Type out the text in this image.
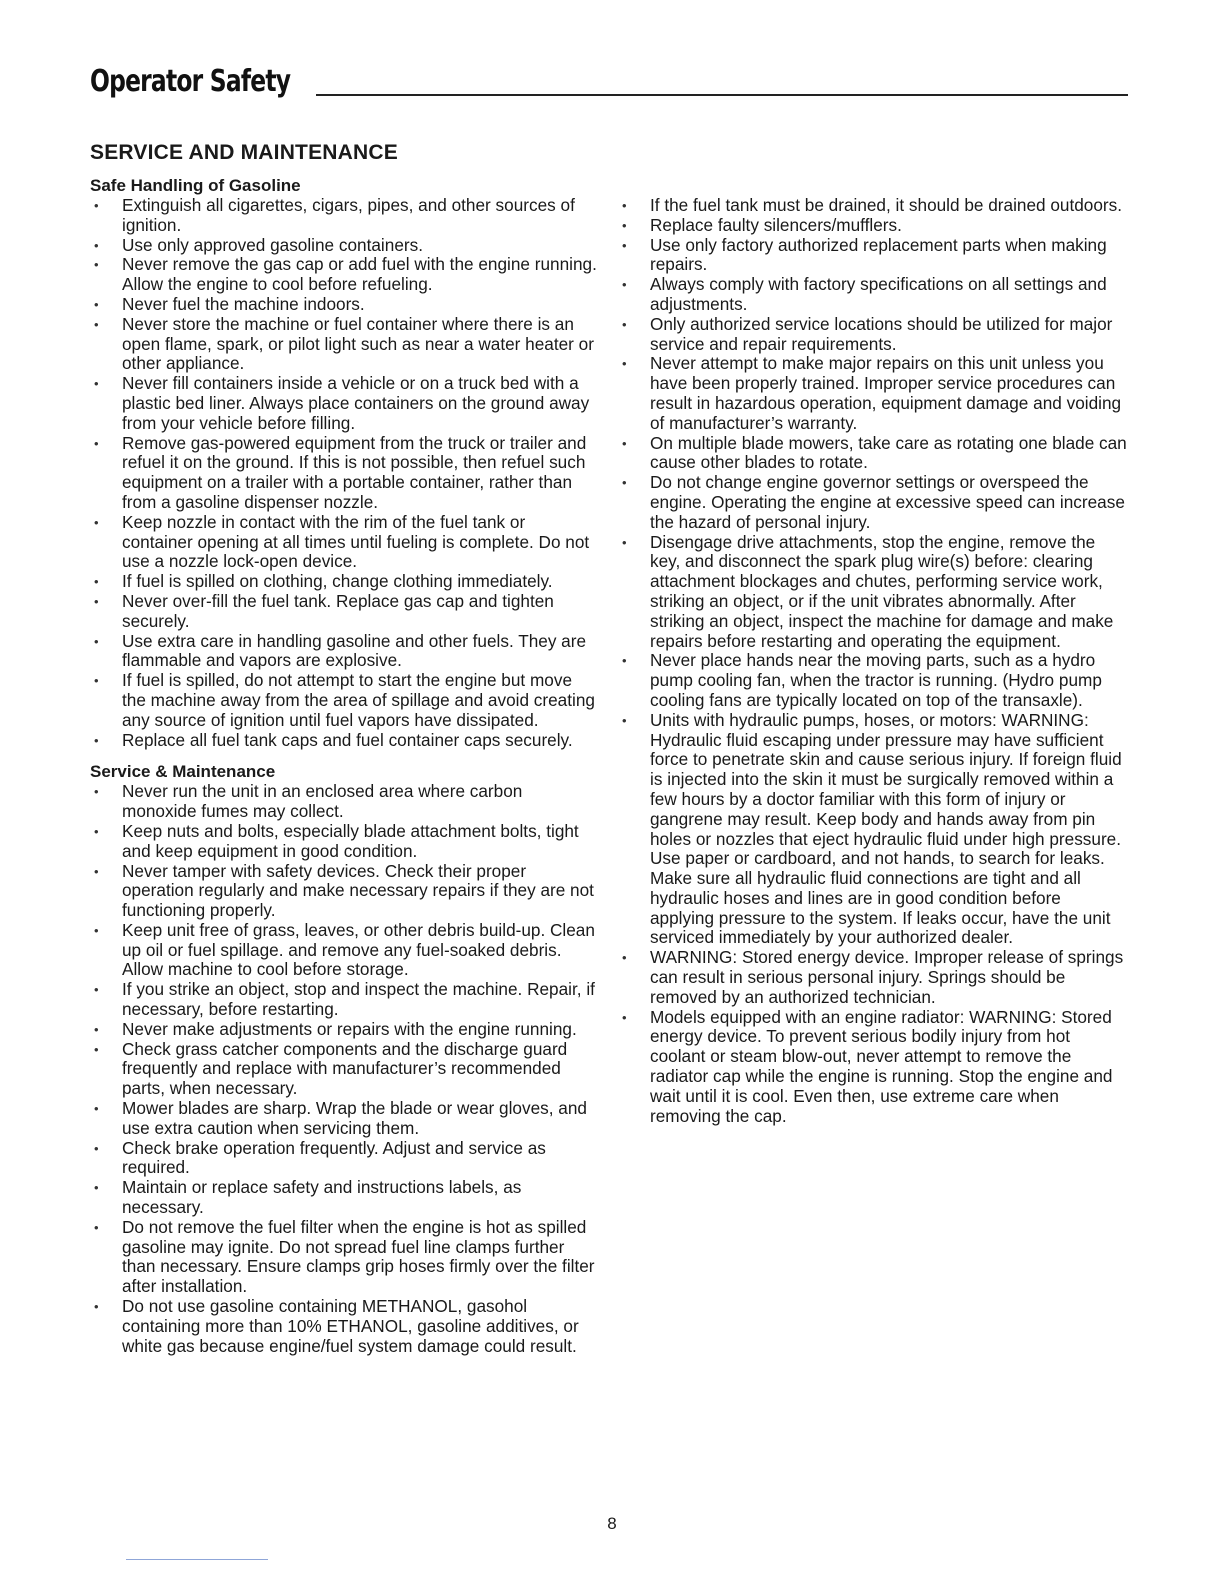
Operator Safety
SERVICE AND MAINTENANCE
Safe Handling of Gasoline
• Extinguish all cigarettes, cigars, pipes, and other sources of ignition.
• Use only approved gasoline containers.
• Never remove the gas cap or add fuel with the engine running. Allow the engine to cool before refueling.
• Never fuel the machine indoors.
• Never store the machine or fuel container where there is an open flame, spark, or pilot light such as near a water heater or other appliance.
• Never fill containers inside a vehicle or on a truck bed with a plastic bed liner. Always place containers on the ground away from your vehicle before filling.
• Remove gas-powered equipment from the truck or trailer and refuel it on the ground. If this is not possible, then refuel such equipment on a trailer with a portable container, rather than from a gasoline dispenser nozzle.
• Keep nozzle in contact with the rim of the fuel tank or container opening at all times until fueling is complete. Do not use a nozzle lock-open device.
• If fuel is spilled on clothing, change clothing immediately.
• Never over-fill the fuel tank. Replace gas cap and tighten securely.
• Use extra care in handling gasoline and other fuels. They are flammable and vapors are explosive.
• If fuel is spilled, do not attempt to start the engine but move the machine away from the area of spillage and avoid creating any source of ignition until fuel vapors have dissipated.
• Replace all fuel tank caps and fuel container caps securely.
Service & Maintenance
• Never run the unit in an enclosed area where carbon monoxide fumes may collect.
• Keep nuts and bolts, especially blade attachment bolts, tight and keep equipment in good condition.
• Never tamper with safety devices. Check their proper operation regularly and make necessary repairs if they are not functioning properly.
• Keep unit free of grass, leaves, or other debris build-up. Clean up oil or fuel spillage. and remove any fuel-soaked debris. Allow machine to cool before storage.
• If you strike an object, stop and inspect the machine. Repair, if necessary, before restarting.
• Never make adjustments or repairs with the engine running.
• Check grass catcher components and the discharge guard frequently and replace with manufacturer’s recommended parts, when necessary.
• Mower blades are sharp. Wrap the blade or wear gloves, and use extra caution when servicing them.
• Check brake operation frequently. Adjust and service as required.
• Maintain or replace safety and instructions labels, as necessary.
• Do not remove the fuel filter when the engine is hot as spilled gasoline may ignite. Do not spread fuel line clamps further than necessary. Ensure clamps grip hoses firmly over the filter after installation.
• Do not use gasoline containing METHANOL, gasohol containing more than 10% ETHANOL, gasoline additives, or white gas because engine/fuel system damage could result.
• If the fuel tank must be drained, it should be drained outdoors.
• Replace faulty silencers/mufflers.
• Use only factory authorized replacement parts when making repairs.
• Always comply with factory specifications on all settings and adjustments.
• Only authorized service locations should be utilized for major service and repair requirements.
• Never attempt to make major repairs on this unit unless you have been properly trained. Improper service procedures can result in hazardous operation, equipment damage and voiding of manufacturer’s warranty.
• On multiple blade mowers, take care as rotating one blade can cause other blades to rotate.
• Do not change engine governor settings or overspeed the engine. Operating the engine at excessive speed can increase the hazard of personal injury.
• Disengage drive attachments, stop the engine, remove the key, and disconnect the spark plug wire(s) before: clearing attachment blockages and chutes, performing service work, striking an object, or if the unit vibrates abnormally. After striking an object, inspect the machine for damage and make repairs before restarting and operating the equipment.
• Never place hands near the moving parts, such as a hydro pump cooling fan, when the tractor is running. (Hydro pump cooling fans are typically located on top of the transaxle).
• Units with hydraulic pumps, hoses, or motors: WARNING: Hydraulic fluid escaping under pressure may have sufficient force to penetrate skin and cause serious injury. If foreign fluid is injected into the skin it must be surgically removed within a few hours by a doctor familiar with this form of injury or gangrene may result. Keep body and hands away from pin holes or nozzles that eject hydraulic fluid under high pressure. Use paper or cardboard, and not hands, to search for leaks. Make sure all hydraulic fluid connections are tight and all hydraulic hoses and lines are in good condition before applying pressure to the system. If leaks occur, have the unit serviced immediately by your authorized dealer.
• WARNING: Stored energy device. Improper release of springs can result in serious personal injury. Springs should be removed by an authorized technician.
• Models equipped with an engine radiator: WARNING: Stored energy device. To prevent serious bodily injury from hot coolant or steam blow-out, never attempt to remove the radiator cap while the engine is running. Stop the engine and wait until it is cool. Even then, use extreme care when removing the cap.
8
